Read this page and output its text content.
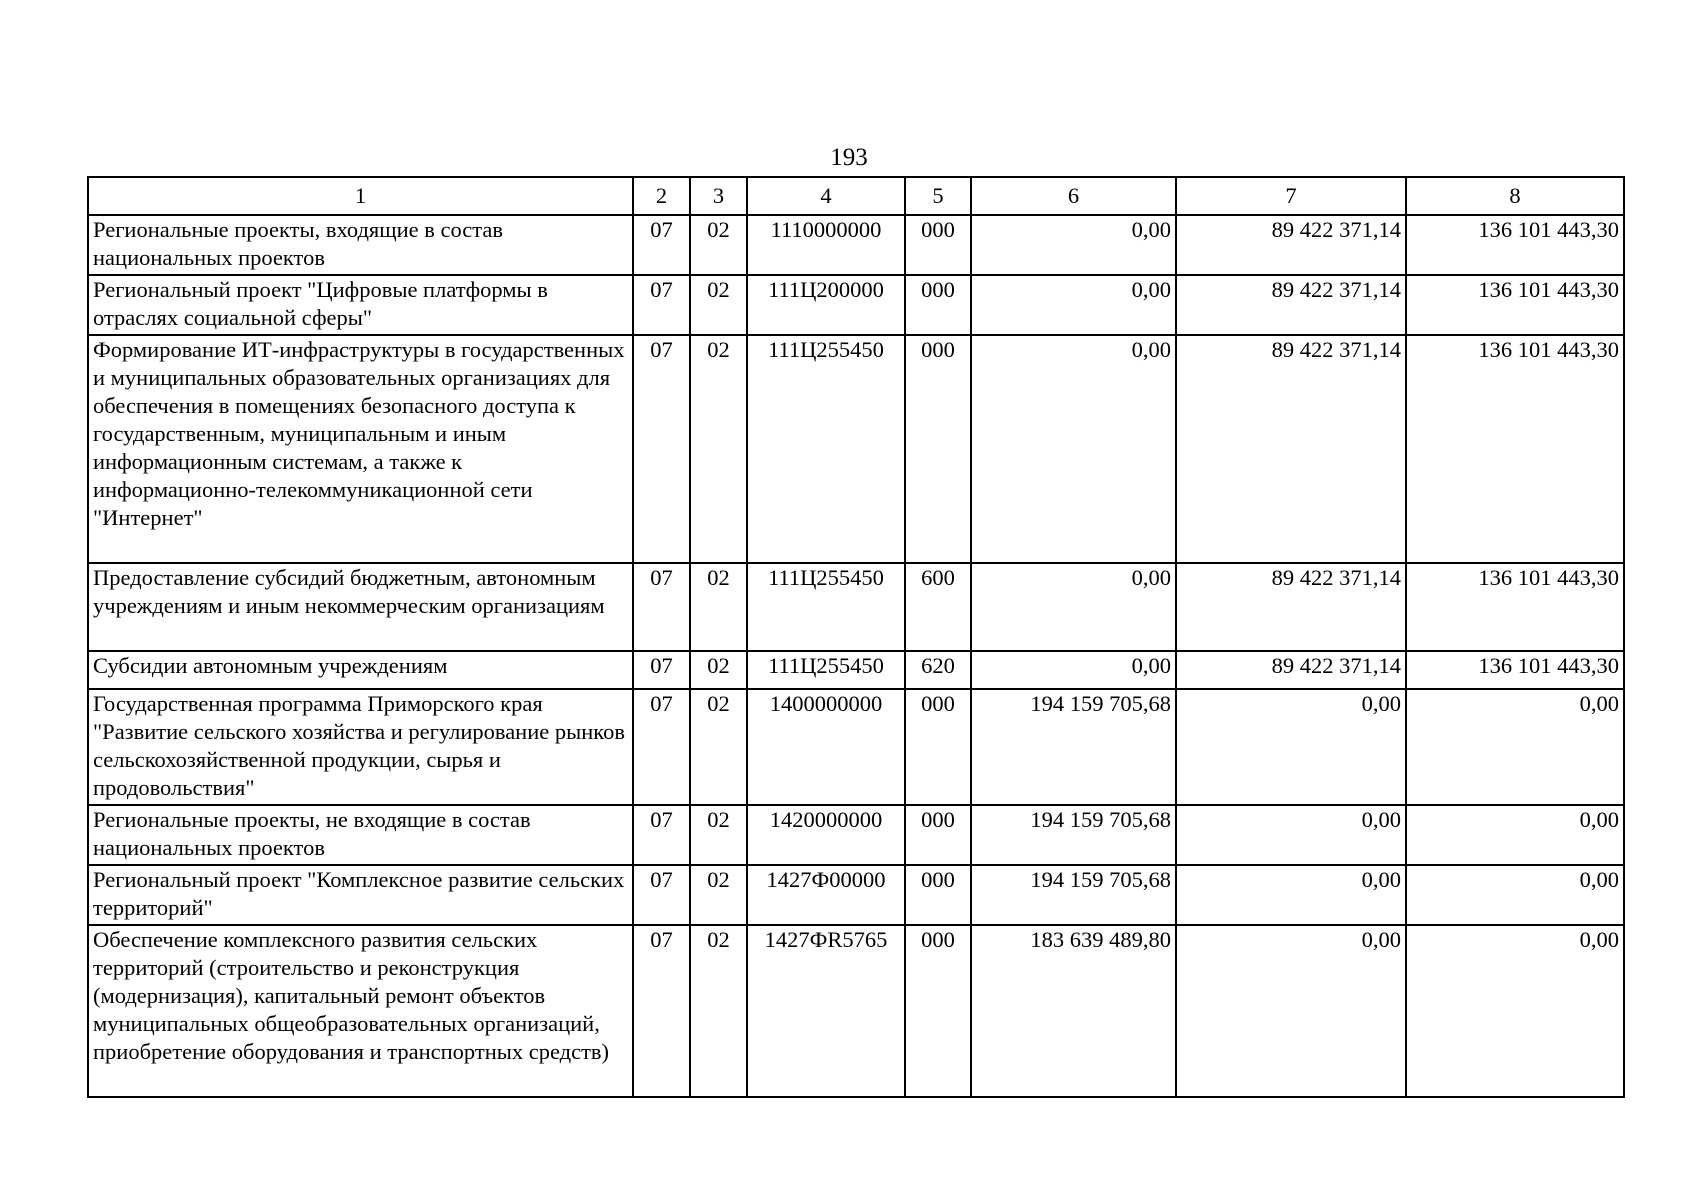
193
1	2	3	4	5	6	7	8
Региональные проекты, входящие в состав национальных проектов	07	02	1110000000	000	0,00	89 422 371,14	136 101 443,30
Региональный проект "Цифровые платформы в отраслях социальной сферы"	07	02	111Ц200000	000	0,00	89 422 371,14	136 101 443,30
Формирование ИТ-инфраструктуры в государственных и муниципальных образовательных организациях для обеспечения в помещениях безопасного доступа к государственным, муниципальным и иным информационным системам, а также к информационно-телекоммуникационной сети "Интернет"	07	02	111Ц255450	000	0,00	89 422 371,14	136 101 443,30
Предоставление субсидий бюджетным, автономным учреждениям и иным некоммерческим организациям	07	02	111Ц255450	600	0,00	89 422 371,14	136 101 443,30
Субсидии автономным учреждениям	07	02	111Ц255450	620	0,00	89 422 371,14	136 101 443,30
Государственная программа Приморского края "Развитие сельского хозяйства и регулирование рынков сельскохозяйственной продукции, сырья и продовольствия"	07	02	1400000000	000	194 159 705,68	0,00	0,00
Региональные проекты, не входящие в состав национальных проектов	07	02	1420000000	000	194 159 705,68	0,00	0,00
Региональный проект "Комплексное развитие сельских территорий"	07	02	1427Ф00000	000	194 159 705,68	0,00	0,00
Обеспечение комплексного развития сельских территорий (строительство и реконструкция (модернизация), капитальный ремонт объектов муниципальных общеобразовательных организаций, приобретение оборудования и транспортных средств)	07	02	1427ФR5765	000	183 639 489,80	0,00	0,00
